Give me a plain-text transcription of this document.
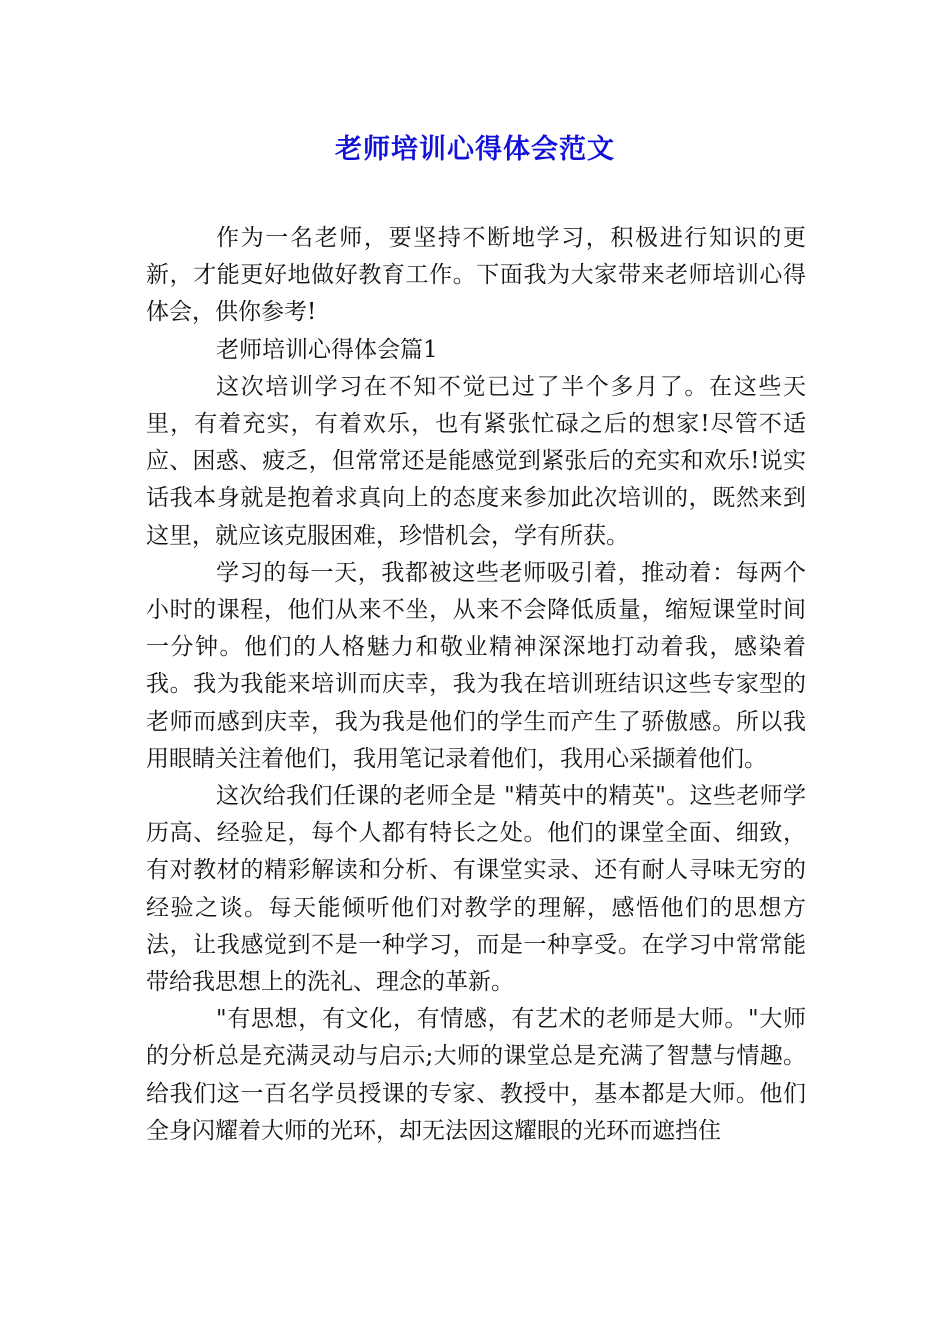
老师培训心得体会范文

作为一名老师，要坚持不断地学习，积极进行知识的更新，才能更好地做好教育工作。下面我为大家带来老师培训心得体会，供你参考!

老师培训心得体会篇1

这次培训学习在不知不觉已过了半个多月了。在这些天里，有着充实，有着欢乐，也有紧张忙碌之后的想家!尽管不适应、困惑、疲乏，但常常还是能感觉到紧张后的充实和欢乐!说实话我本身就是抱着求真向上的态度来参加此次培训的，既然来到这里，就应该克服困难，珍惜机会，学有所获。

学习的每一天，我都被这些老师吸引着，推动着：每两个小时的课程，他们从来不坐，从来不会降低质量，缩短课堂时间一分钟。他们的人格魅力和敬业精神深深地打动着我，感染着我。我为我能来培训而庆幸，我为我在培训班结识这些专家型的老师而感到庆幸，我为我是他们的学生而产生了骄傲感。所以我用眼睛关注着他们，我用笔记录着他们，我用心采撷着他们。

这次给我们任课的老师全是 "精英中的精英"。这些老师学历高、经验足，每个人都有特长之处。他们的课堂全面、细致，有对教材的精彩解读和分析、有课堂实录、还有耐人寻味无穷的经验之谈。每天能倾听他们对教学的理解，感悟他们的思想方法，让我感觉到不是一种学习，而是一种享受。在学习中常常能带给我思想上的洗礼、理念的革新。

"有思想，有文化，有情感，有艺术的老师是大师。"大师的分析总是充满灵动与启示;大师的课堂总是充满了智慧与情趣。给我们这一百名学员授课的专家、教授中，基本都是大师。他们全身闪耀着大师的光环，却无法因这耀眼的光环而遮挡住
